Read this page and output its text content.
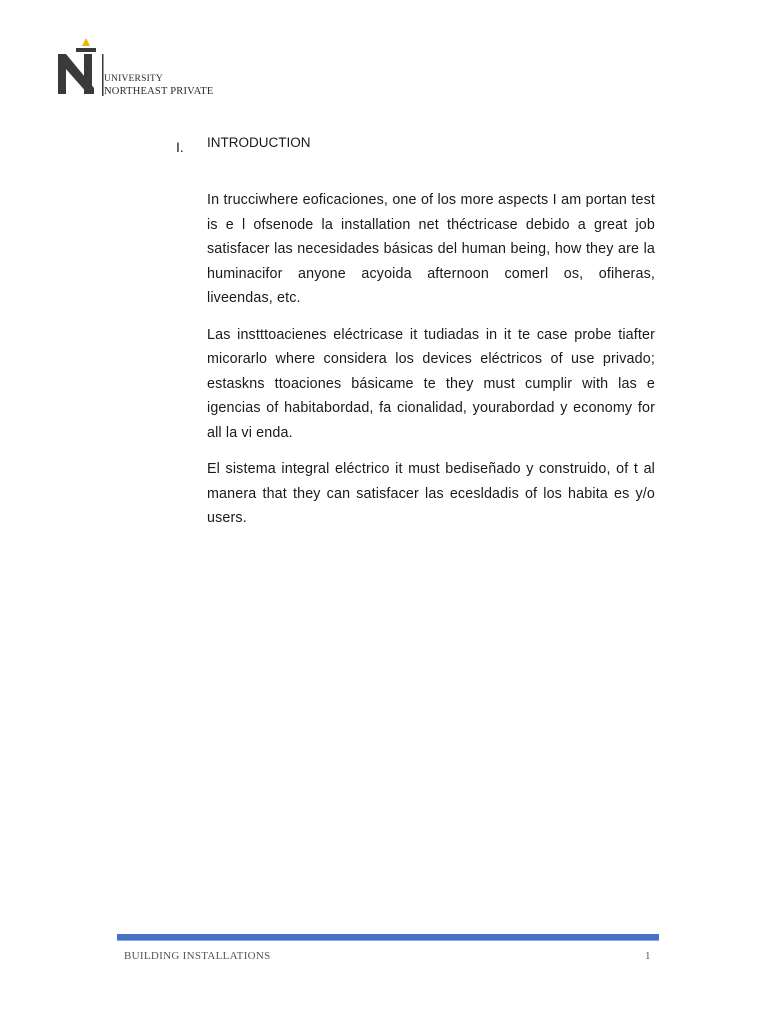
UNIVERSITY
NORTHEAST PRIVATE
I. INTRODUCTION

In trucciwhere eoficaciones, one of los more aspects I am portan test is e l ofsenode la installation net théctricase debido a great job satisfacer las necesidades básicas del human being, how they are la huminacifor anyone acyoida afternoon comerl os, ofiheras, liveendas, etc.

Las instttoacienes eléctricase it tudiadas in it te case probe tiafter micorarlo where considera los devices eléctricos of use privado; estaskns ttoaciones básicame te they must cumplir with las e igencias of habitabordad, fa cionalidad, yourabordad y economy for all la vi enda.

El sistema integral eléctrico it must bediseñado y construido, of t al manera that they can satisfacer las ecesldadis of los habita es y/o users.

BUILDING INSTALLATIONS	1
